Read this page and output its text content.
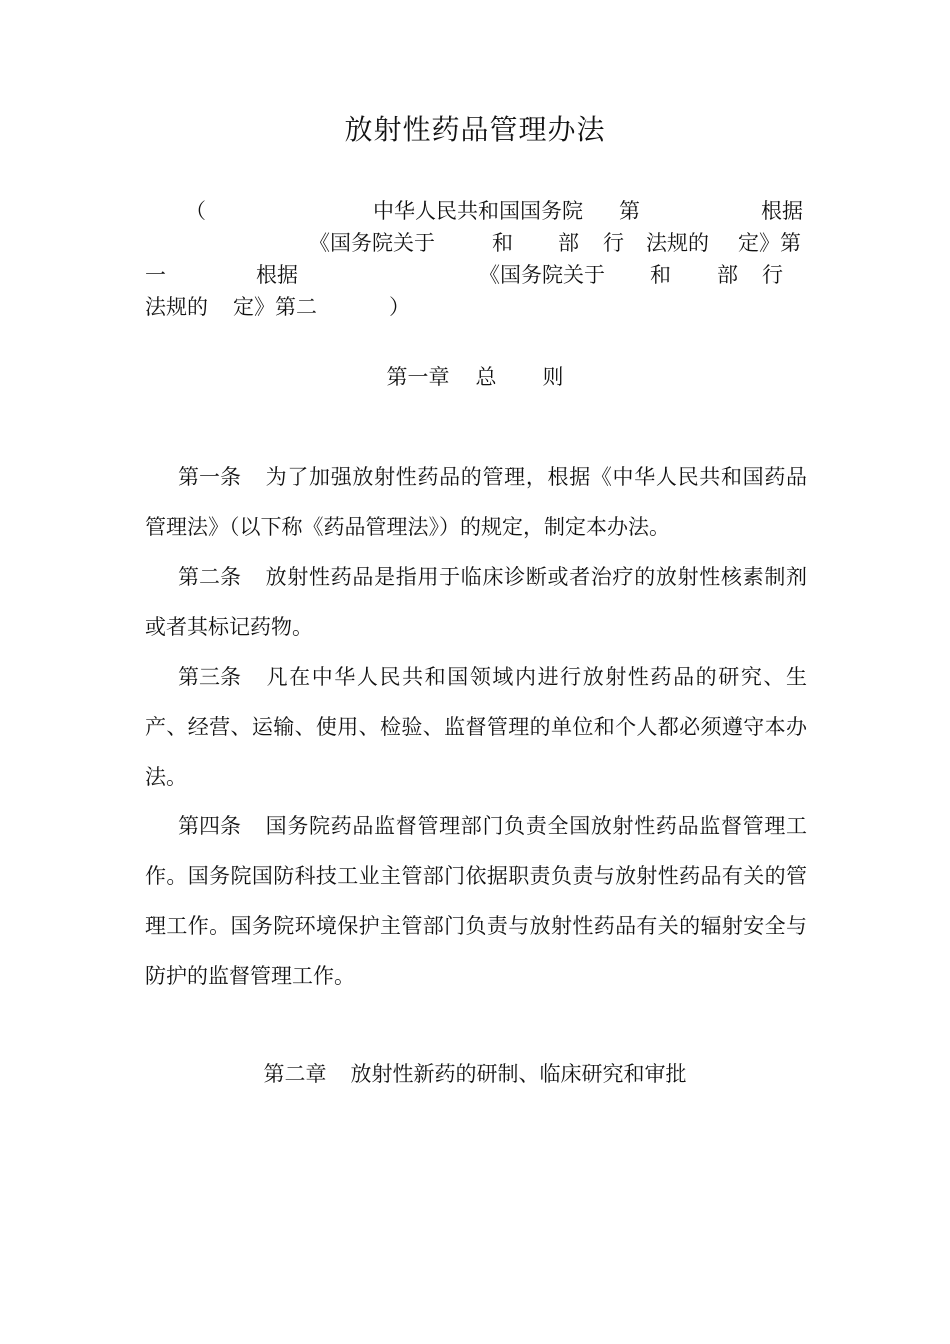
放射性药品管理办法
（	中华人民共和国国务院 第	根据
《国务院关于	和 部 行 法规的 定》第
一	根据	《国务院关于 和 部 行
法规的 定》第二	）
第一章 总 则
第一条 为了加强放射性药品的管理，根据《中华人民共和国药品管理法》（以下称《药品管理法》）的规定，制定本办法。
第二条 放射性药品是指用于临床诊断或者治疗的放射性核素制剂或者其标记药物。
第三条 凡在中华人民共和国领域内进行放射性药品的研究、生产、经营、运输、使用、检验、监督管理的单位和个人都必须遵守本办法。
第四条 国务院药品监督管理部门负责全国放射性药品监督管理工作。国务院国防科技工业主管部门依据职责负责与放射性药品有关的管理工作。国务院环境保护主管部门负责与放射性药品有关的辐射安全与防护的监督管理工作。
第二章 放射性新药的研制、临床研究和审批
